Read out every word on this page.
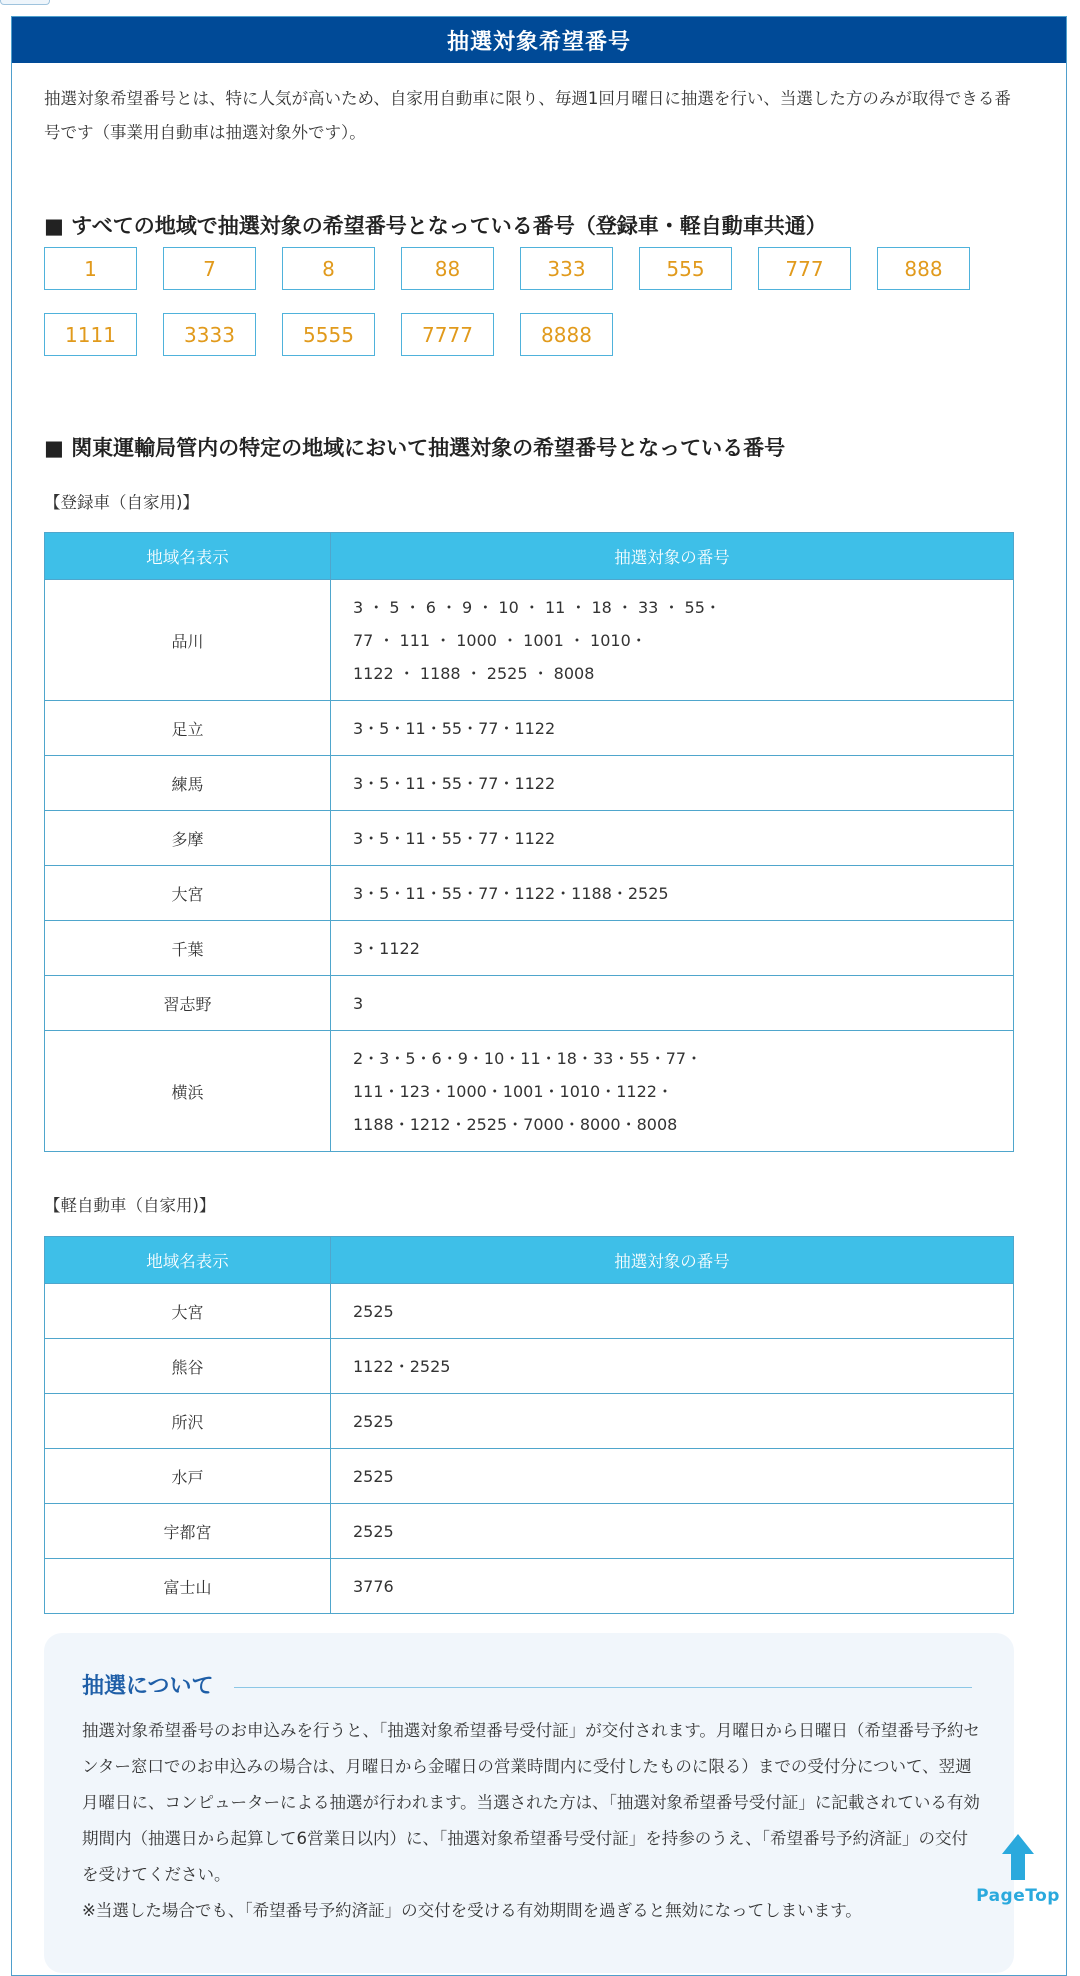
抽選対象希望番号
抽選対象希望番号とは、特に人気が高いため、自家用自動車に限り、毎週1回月曜日に抽選を行い、当選した方のみが取得できる番号です（事業用自動車は抽選対象外です）。
■ すべての地域で抽選対象の希望番号となっている番号（登録車・軽自動車共通）
1	7	8	88	333	555	777	888
1111	3333	5555	7777	8888
■ 関東運輸局管内の特定の地域において抽選対象の希望番号となっている番号
【登録車（自家用)】
地域名表示	抽選対象の番号
品川	3 ・ 5 ・ 6 ・ 9 ・ 10 ・ 11 ・ 18 ・ 33 ・ 55・
77 ・ 111 ・ 1000 ・ 1001 ・ 1010・
1122 ・ 1188 ・ 2525 ・ 8008
足立	3・5・11・55・77・1122
練馬	3・5・11・55・77・1122
多摩	3・5・11・55・77・1122
大宮	3・5・11・55・77・1122・1188・2525
千葉	3・1122
習志野	3
横浜	2・3・5・6・9・10・11・18・33・55・77・
111・123・1000・1001・1010・1122・
1188・1212・2525・7000・8000・8008
【軽自動車（自家用)】
地域名表示	抽選対象の番号
大宮	2525
熊谷	1122・2525
所沢	2525
水戸	2525
宇都宮	2525
富士山	3776
抽選について
抽選対象希望番号のお申込みを行うと、「抽選対象希望番号受付証」が交付されます。月曜日から日曜日（希望番号予約センター窓口でのお申込みの場合は、月曜日から金曜日の営業時間内に受付したものに限る）までの受付分について、翌週月曜日に、コンピューターによる抽選が行われます。当選された方は、「抽選対象希望番号受付証」に記載されている有効期間内（抽選日から起算して6営業日以内）に、「抽選対象希望番号受付証」を持参のうえ、「希望番号予約済証」の交付を受けてください。
※当選した場合でも、「希望番号予約済証」の交付を受ける有効期間を過ぎると無効になってしまいます。
PageTop
